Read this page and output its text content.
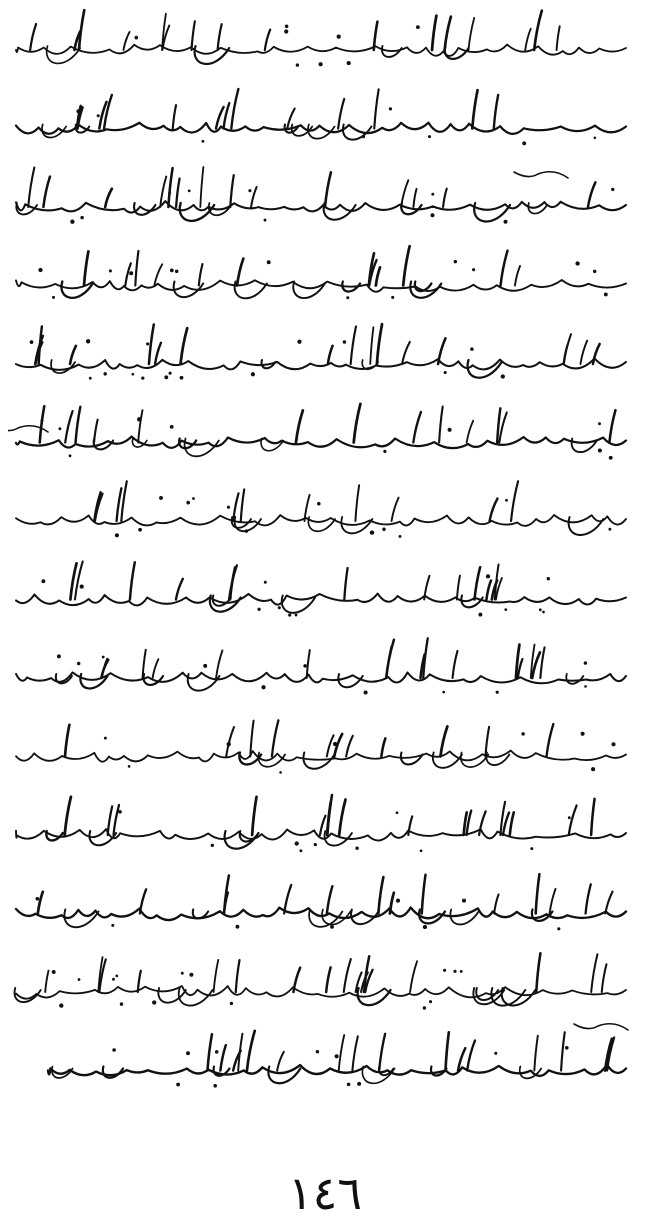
١٤٦
